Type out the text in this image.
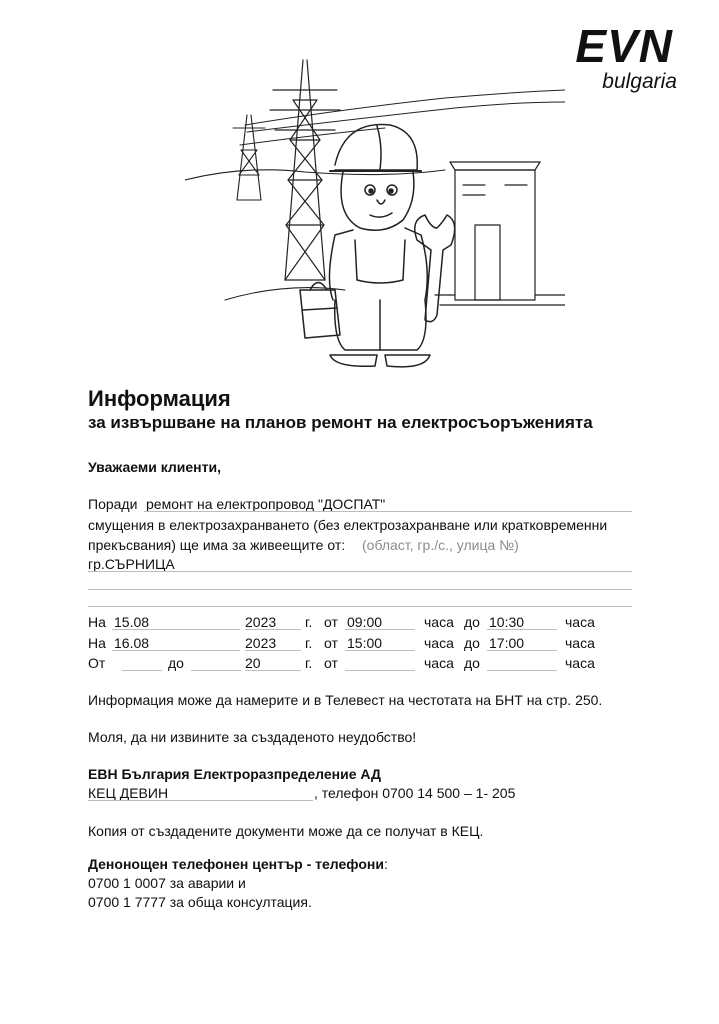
EVN
bulgaria
Информация
за извършване на планов ремонт на електросъоръженията
Уважаеми клиенти,
Поради ремонт на електропровод "ДОСПАТ"
смущения в електрозахранването (без електрозахранване или кратковременни
прекъсвания) ще има за живеещите от: (област, гр./с., улица №)
гр.СЪРНИЦА
На 15.08	2023 г. от 09:00	часа до 10:30	часа
На 16.08	2023 г. от 15:00	часа до 17:00	часа
От	до	20	г. от	часа до	часа
Информация може да намерите и в Телевест на честотата на БНТ на стр. 250.
Моля, да ни извините за създаденото неудобство!
ЕВН България Електроразпределение АД
КЕЦ ДЕВИН	, телефон 0700 14 500 – 1- 205
Копия от създадените документи може да се получат в КЕЦ.
Денонощен телефонен център - телефони:
0700 1 0007 за аварии и
0700 1 7777 за обща консултация.
